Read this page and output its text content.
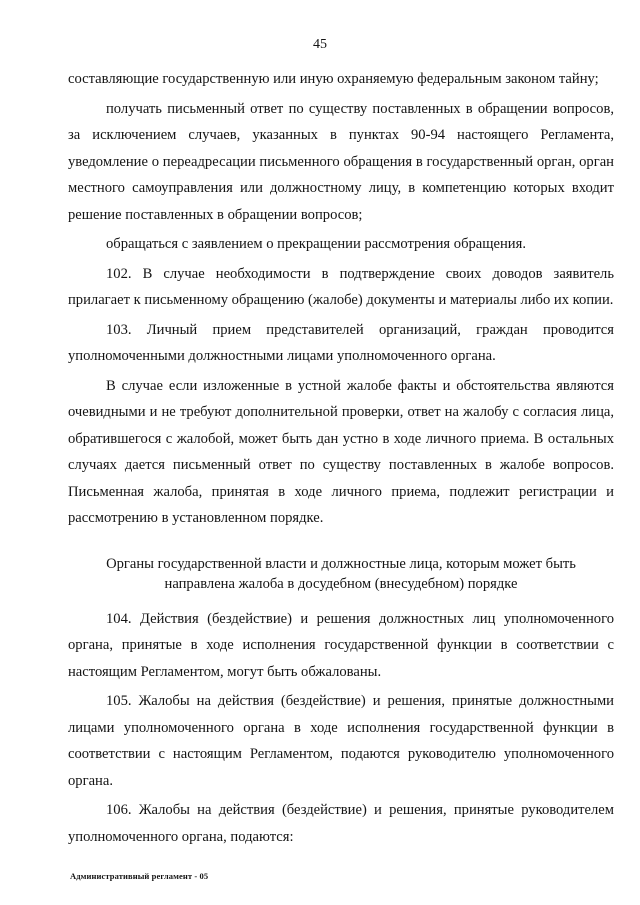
45

составляющие государственную или иную охраняемую федеральным законом тайну;

получать письменный ответ по существу поставленных в обращении вопросов, за исключением случаев, указанных в пунктах 90-94 настоящего Регламента, уведомление о переадресации письменного обращения в государственный орган, орган местного самоуправления или должностному лицу, в компетенцию которых входит решение поставленных в обращении вопросов;

обращаться с заявлением о прекращении рассмотрения обращения.

102. В случае необходимости в подтверждение своих доводов заявитель прилагает к письменному обращению (жалобе) документы и материалы либо их копии.

103. Личный прием представителей организаций, граждан проводится уполномоченными должностными лицами уполномоченного органа.

В случае если изложенные в устной жалобе факты и обстоятельства являются очевидными и не требуют дополнительной проверки, ответ на жалобу с согласия лица, обратившегося с жалобой, может быть дан устно в ходе личного приема. В остальных случаях дается письменный ответ по существу поставленных в жалобе вопросов. Письменная жалоба, принятая в ходе личного приема, подлежит регистрации и рассмотрению в установленном порядке.

Органы государственной власти и должностные лица, которым может быть направлена жалоба в досудебном (внесудебном) порядке

104. Действия (бездействие) и решения должностных лиц уполномоченного органа, принятые в ходе исполнения государственной функции в соответствии с настоящим Регламентом, могут быть обжалованы.

105. Жалобы на действия (бездействие) и решения, принятые должностными лицами уполномоченного органа в ходе исполнения государственной функции в соответствии с настоящим Регламентом, подаются руководителю уполномоченного органа.

106. Жалобы на действия (бездействие) и решения, принятые руководителем уполномоченного органа, подаются:

Административный регламент - 05
